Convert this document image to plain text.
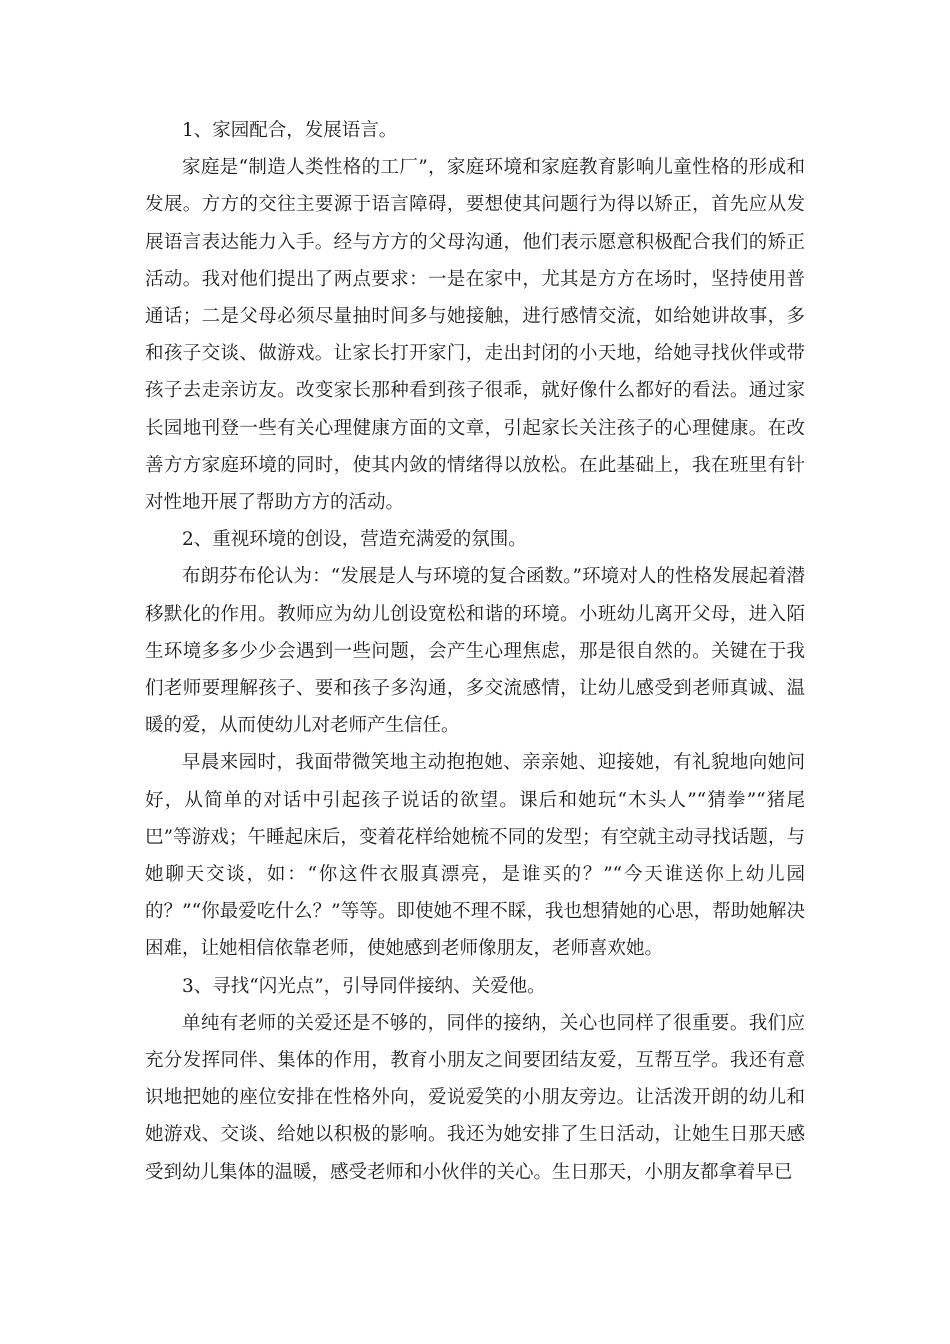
1、家园配合，发展语言。

家庭是“制造人类性格的工厂”，家庭环境和家庭教育影响儿童性格的形成和发展。方方的交往主要源于语言障碍，要想使其问题行为得以矫正，首先应从发展语言表达能力入手。经与方方的父母沟通，他们表示愿意积极配合我们的矫正活动。我对他们提出了两点要求：一是在家中，尤其是方方在场时，坚持使用普通话；二是父母必须尽量抽时间多与她接触，进行感情交流，如给她讲故事，多和孩子交谈、做游戏。让家长打开家门，走出封闭的小天地，给她寻找伙伴或带孩子去走亲访友。改变家长那种看到孩子很乖，就好像什么都好的看法。通过家长园地刊登一些有关心理健康方面的文章，引起家长关注孩子的心理健康。在改善方方家庭环境的同时，使其内敛的情绪得以放松。在此基础上，我在班里有针对性地开展了帮助方方的活动。

2、重视环境的创设，营造充满爱的氛围。

布朗芬布伦认为：“发展是人与环境的复合函数。”环境对人的性格发展起着潜移默化的作用。教师应为幼儿创设宽松和谐的环境。小班幼儿离开父母，进入陌生环境多多少少会遇到一些问题，会产生心理焦虑，那是很自然的。关键在于我们老师要理解孩子、要和孩子多沟通，多交流感情，让幼儿感受到老师真诚、温暖的爱，从而使幼儿对老师产生信任。

早晨来园时，我面带微笑地主动抱抱她、亲亲她、迎接她，有礼貌地向她问好，从简单的对话中引起孩子说话的欲望。课后和她玩“木头人”“猜拳”“猪尾巴”等游戏；午睡起床后，变着花样给她梳不同的发型；有空就主动寻找话题，与她聊天交谈，如：“你这件衣服真漂亮，是谁买的？”“今天谁送你上幼儿园的？”“你最爱吃什么？”等等。即使她不理不睬，我也想猜她的心思，帮助她解决困难，让她相信依靠老师，使她感到老师像朋友，老师喜欢她。

3、寻找“闪光点”，引导同伴接纳、关爱他。

单纯有老师的关爱还是不够的，同伴的接纳，关心也同样了很重要。我们应充分发挥同伴、集体的作用，教育小朋友之间要团结友爱，互帮互学。我还有意识地把她的座位安排在性格外向，爱说爱笑的小朋友旁边。让活泼开朗的幼儿和她游戏、交谈、给她以积极的影响。我还为她安排了生日活动，让她生日那天感受到幼儿集体的温暖，感受老师和小伙伴的关心。生日那天，小朋友都拿着早已
